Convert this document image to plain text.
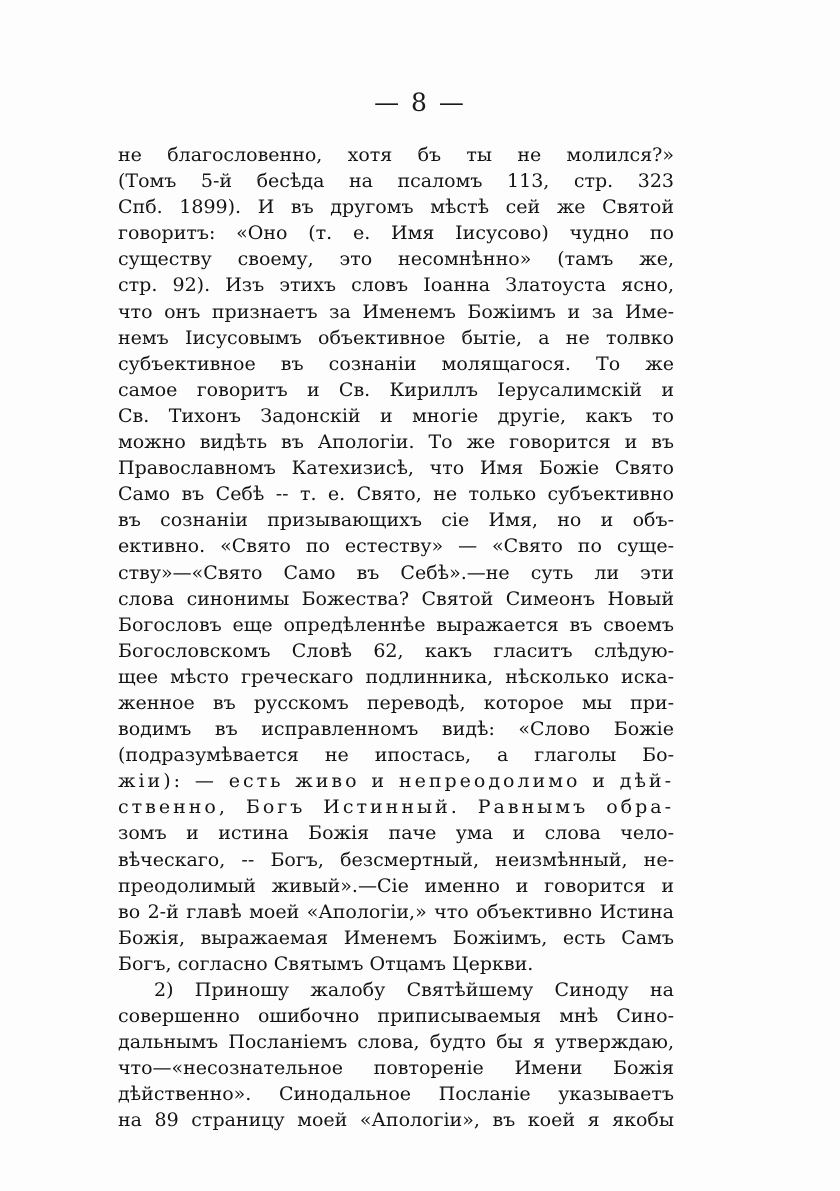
— 8 —
не благословенно, хотя бъ ты не молился?»
(Томъ 5-й бесѣда на псаломъ 113, стр. 323
Спб. 1899). И въ другомъ мѣстѣ сей же Святой
говоритъ: «Оно (т. е. Имя Іисусово) чудно по
существу своему, это несомнѣнно» (тамъ же,
стр. 92). Изъ этихъ словъ Іоанна Златоуста ясно,
что онъ признаетъ за Именемъ Божіимъ и за Име-
немъ Іисусовымъ объективное бытіе, а не толвко
субъективное въ сознаніи молящагося. То же
самое говоритъ и Св. Кириллъ Іерусалимскій и
Св. Тихонъ Задонскій и многіе другіе, какъ то
можно видѣть въ Апологіи. То же говорится и въ
Православномъ Катехизисѣ, что Имя Божіе Свято
Само въ Себѣ -- т. е. Свято, не только субъективно
въ сознаніи призывающихъ сіе Имя, но и объ-
ективно. «Свято по естеству» — «Свято по суще-
ству»—«Свято Само въ Себѣ».—не суть ли эти
слова синонимы Божества? Святой Симеонъ Новый
Богословъ еще опредѣленнѣе выражается въ своемъ
Богословскомъ Словѣ 62, какъ гласитъ слѣдую-
щее мѣсто греческаго подлинника, нѣсколько иска-
женное въ русскомъ переводѣ, которое мы при-
водимъ въ исправленномъ видѣ: «Слово Божіе
(подразумѣвается не ипостась, а глаголы Бо-
жіи): — есть живо и непреодолимо и дѣй-
ственно, Богъ Истинный. Равнымъ обра-
зомъ и истина Божія паче ума и слова чело-
вѣческаго, -- Богъ, безсмертный, неизмѣнный, не-
преодолимый живый».—Сіе именно и говорится и
во 2-й главѣ моей «Апологіи,» что объективно Истина
Божія, выражаемая Именемъ Божіимъ, есть Самъ
Богъ, согласно Святымъ Отцамъ Церкви.
2) Приношу жалобу Святѣйшему Синоду на
совершенно ошибочно приписываемыя мнѣ Сино-
дальнымъ Посланіемъ слова, будто бы я утверждаю,
что—«несознательное повтореніе Имени Божія
дѣйственно». Синодальное Посланіе указываетъ
на 89 страницу моей «Апологіи», въ коей я якобы
